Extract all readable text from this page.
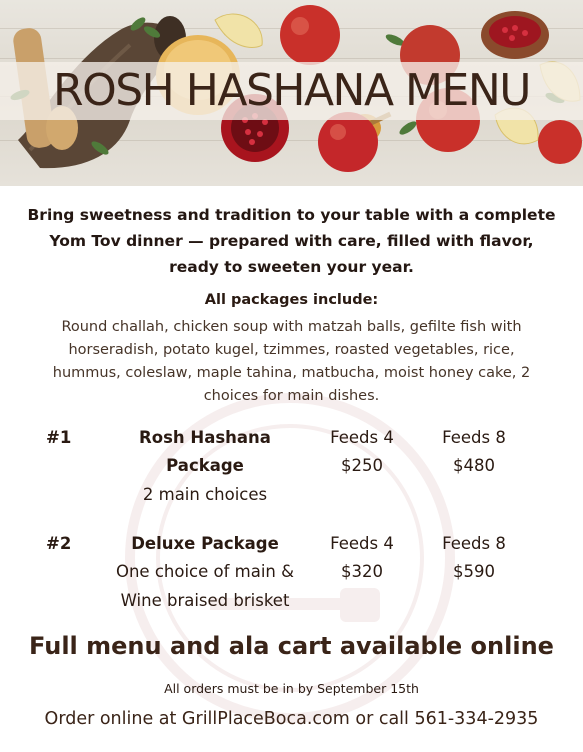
ROSH HASHANA MENU
Bring sweetness and tradition to your table with a complete
Yom Tov dinner — prepared with care, filled with flavor,
ready to sweeten your year.
All packages include:
Round challah, chicken soup with matzah balls, gefilte fish with
horseradish, potato kugel, tzimmes, roasted vegetables, rice,
hummus, coleslaw, maple tahina, matbucha, moist honey cake, 2
choices for main dishes.
#1	Rosh Hashana
Package
2 main choices
Feeds 4
$250
Feeds 8
$480
#2	Deluxe Package
One choice of main &
Wine braised brisket
Feeds 4
$320
Feeds 8
$590
Full menu and ala cart available online
All orders must be in by September 15th
Order online at GrillPlaceBoca.com or call 561-334-2935
